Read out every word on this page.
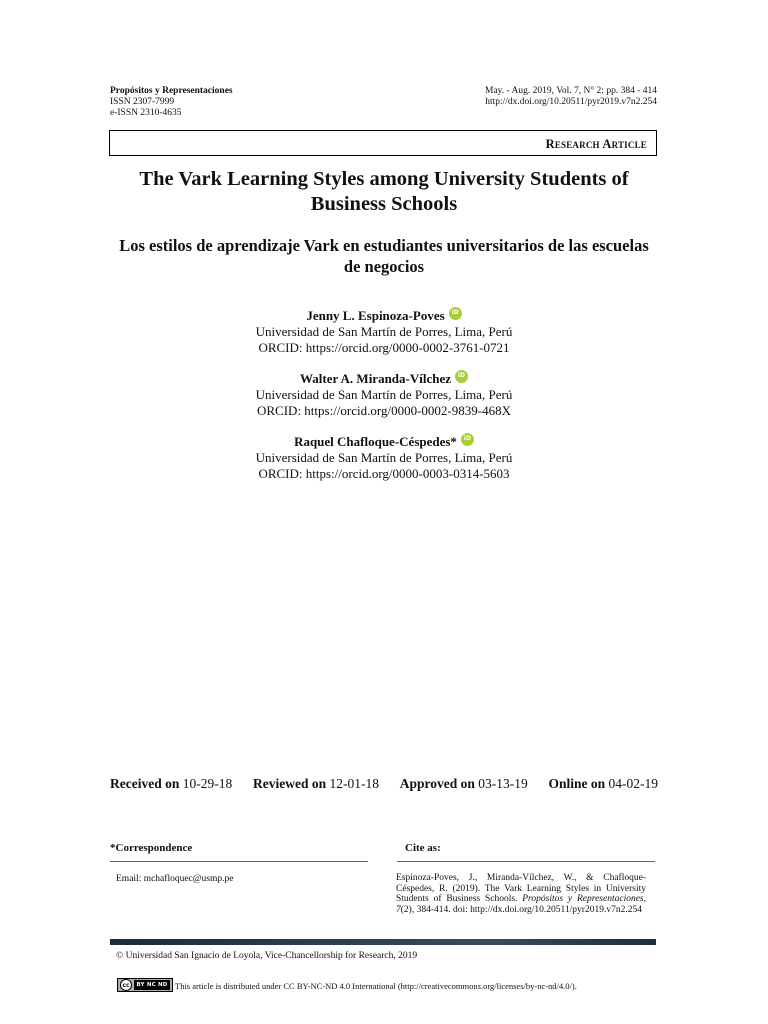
Propósitos y Representaciones
ISSN 2307-7999
e-ISSN 2310-4635
May. - Aug. 2019, Vol. 7, N° 2: pp. 384 - 414
http://dx.doi.org/10.20511/pyr2019.v7n2.254
Research Article
The Vark Learning Styles among University Students of Business Schools
Los estilos de aprendizaje Vark en estudiantes universitarios de las escuelas de negocios
Jenny L. Espinoza-Poves	iD
Universidad de San Martín de Porres, Lima, Perú
ORCID: https://orcid.org/0000-0002-3761-0721
Walter A. Miranda-Vílchez	iD
Universidad de San Martín de Porres, Lima, Perú
ORCID: https://orcid.org/0000-0002-9839-468X
Raquel Chafloque-Céspedes*	iD
Universidad de San Martín de Porres, Lima, Perú
ORCID: https://orcid.org/0000-0003-0314-5603
Received on 10-29-18 Reviewed on 12-01-18 Approved on 03-13-19 Online on 04-02-19
*Correspondence	Cite as:
Email: mchafloquec@usmp.pe	Espinoza-Poves, J., Miranda-Vílchez, W., & Chafloque-Céspedes, R. (2019). The Vark Learning Styles in University Students of Business Schools. Propósitos y Representaciones, 7(2), 384-414. doi: http://dx.doi.org/10.20511/pyr2019.v7n2.254
© Universidad San Ignacio de Loyola, Vice-Chancellorship for Research, 2019
cc	BY NC ND This article is distributed under CC BY-NC-ND 4.0 International (http://creativecommons.org/licenses/by-nc-nd/4.0/).
